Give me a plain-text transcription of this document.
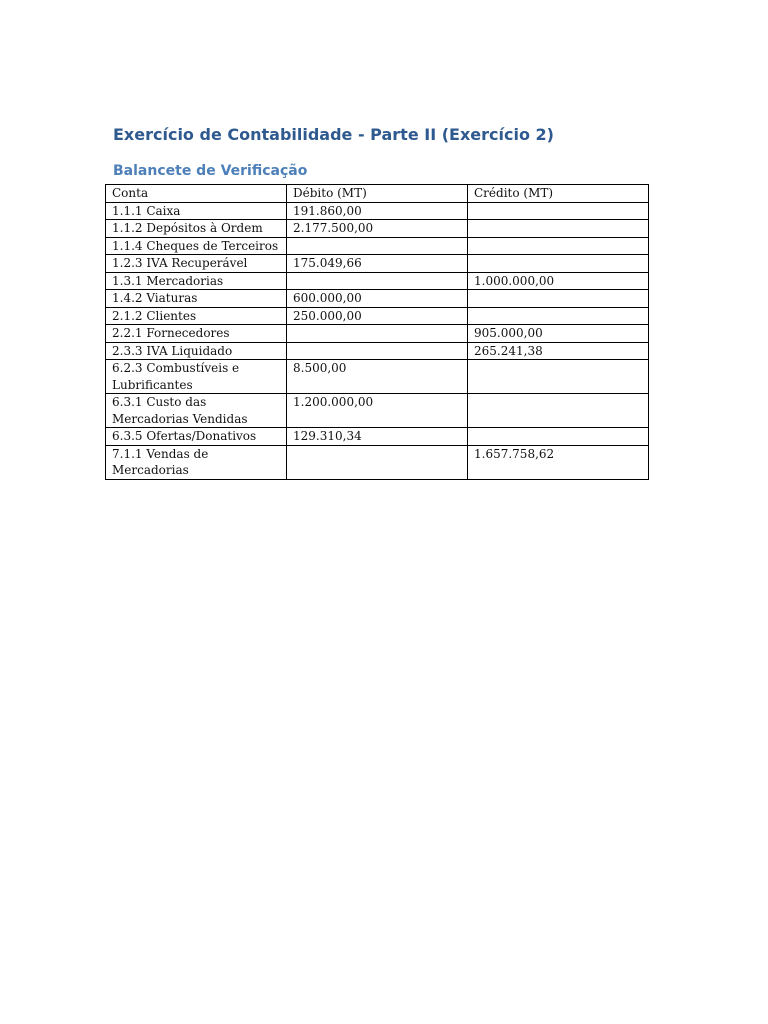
Exercício de Contabilidade - Parte II (Exercício 2)
Balancete de Verificação
Conta	Débito (MT)	Crédito (MT)
1.1.1 Caixa	191.860,00	
1.1.2 Depósitos à Ordem	2.177.500,00	
1.1.4 Cheques de Terceiros		
1.2.3 IVA Recuperável	175.049,66	
1.3.1 Mercadorias		1.000.000,00
1.4.2 Viaturas	600.000,00	
2.1.2 Clientes	250.000,00	
2.2.1 Fornecedores		905.000,00
2.3.3 IVA Liquidado		265.241,38
6.2.3 Combustíveis e Lubrificantes	8.500,00	
6.3.1 Custo das Mercadorias Vendidas	1.200.000,00	
6.3.5 Ofertas/Donativos	129.310,34	
7.1.1 Vendas de Mercadorias		1.657.758,62
